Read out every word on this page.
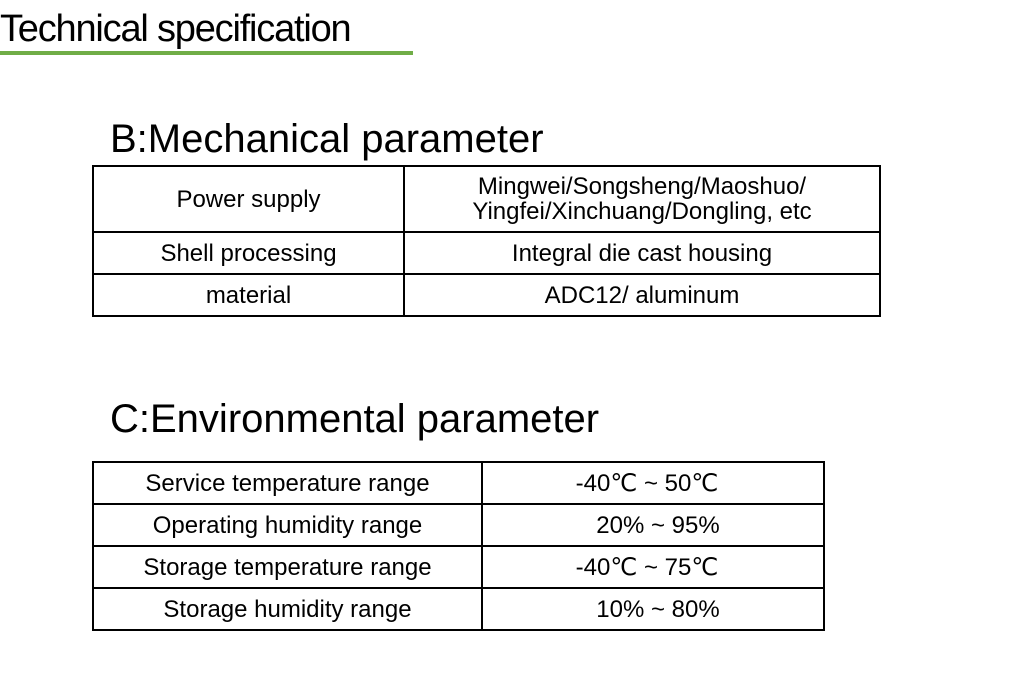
Technical specification
B:Mechanical parameter
Power supply	Mingwei/Songsheng/Maoshuo/
Yingfei/Xinchuang/Dongling, etc

Shell processing	Integral die cast housing
material	ADC12/ aluminum
C:Environmental parameter
Service temperature range	-40℃ ~ 50℃
Operating humidity range	20% ~ 95%
Storage temperature range	-40℃ ~ 75℃
Storage humidity range	10% ~ 80%
